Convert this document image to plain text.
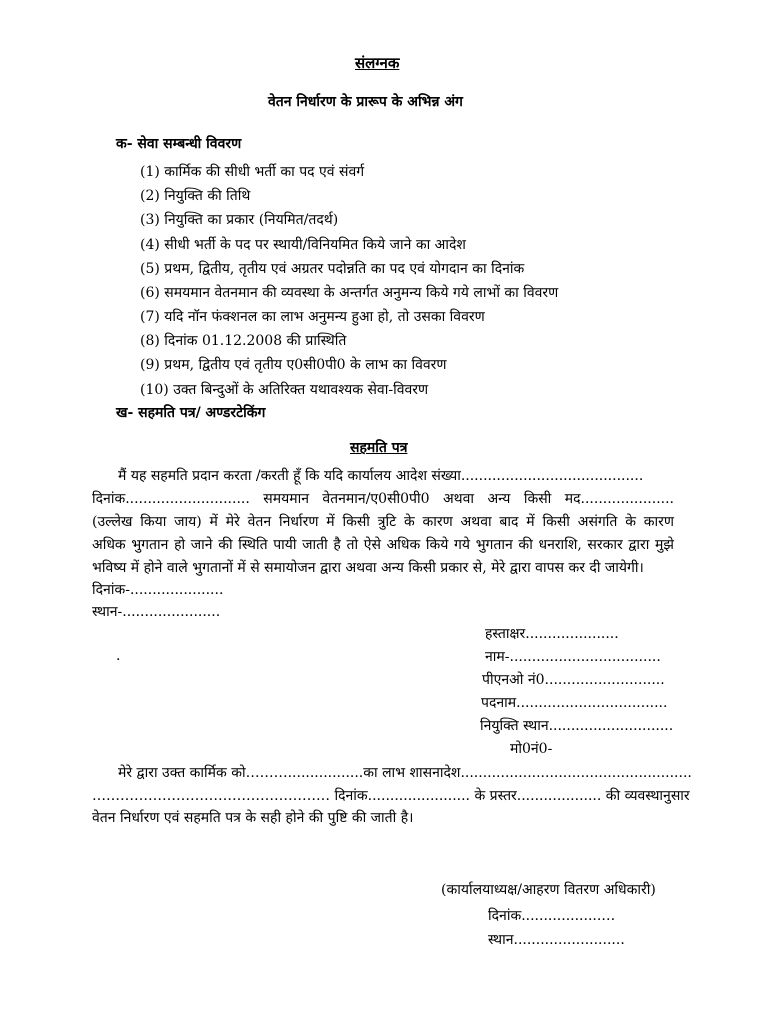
संलग्नक
वेतन निर्धारण के प्रारूप के अभिन्न अंग
क- सेवा सम्बन्धी विवरण
(1) कार्मिक की सीधी भर्ती का पद एवं संवर्ग
(2) नियुक्ति की तिथि
(3) नियुक्ति का प्रकार (नियमित/तदर्थ)
(4) सीधी भर्ती के पद पर स्थायी/विनियमित किये जाने का आदेश
(5) प्रथम, द्वितीय, तृतीय एवं अग्रतर पदोन्नति का पद एवं योगदान का दिनांक
(6) समयमान वेतनमान की व्यवस्था के अन्तर्गत अनुमन्य किये गये लाभों का विवरण
(7) यदि नॉन फंक्शनल का लाभ अनुमन्य हुआ हो, तो उसका विवरण
(8) दिनांक 01.12.2008 की प्रास्थिति
(9) प्रथम, द्वितीय एवं तृतीय ए0सी0पी0 के लाभ का विवरण
(10) उक्त बिन्दुओं के अतिरिक्त यथावश्यक सेवा-विवरण
ख- सहमति पत्र/ अण्डरटेकिंग
सहमति पत्र
मैं यह सहमति प्रदान करता /करती हूँ कि यदि कार्यालय आदेश संख्या.........................................
दिनांक............................ समयमान वेतनमान/ए0सी0पी0 अथवा अन्य किसी मद.....................
(उल्लेख किया जाय) में मेरे वेतन निर्धारण में किसी त्रुटि के कारण अथवा बाद में किसी असंगति के कारण
अधिक भुगतान हो जाने की स्थिति पायी जाती है तो ऐसे अधिक किये गये भुगतान की धनराशि, सरकार द्वारा मुझे
भविष्य में होने वाले भुगतानों में से समायोजन द्वारा अथवा अन्य किसी प्रकार से, मेरे द्वारा वापस कर दी जायेगी।
दिनांक-.....................
स्थान-......................
.
हस्ताक्षर.....................
नाम-..................................
पीएनओ नं0...........................
पदनाम..................................
नियुक्ति स्थान............................
मो0नं0-
मेरे द्वारा उक्त कार्मिक को……….................का लाभ शासनादेश....................................................
…………………………………………… दिनांक....................... के प्रस्तर................... की व्यवस्थानुसार
वेतन निर्धारण एवं सहमति पत्र के सही होने की पुष्टि की जाती है।
(कार्यालयाध्यक्ष/आहरण वितरण अधिकारी)
दिनांक..................…
स्थान.........................
